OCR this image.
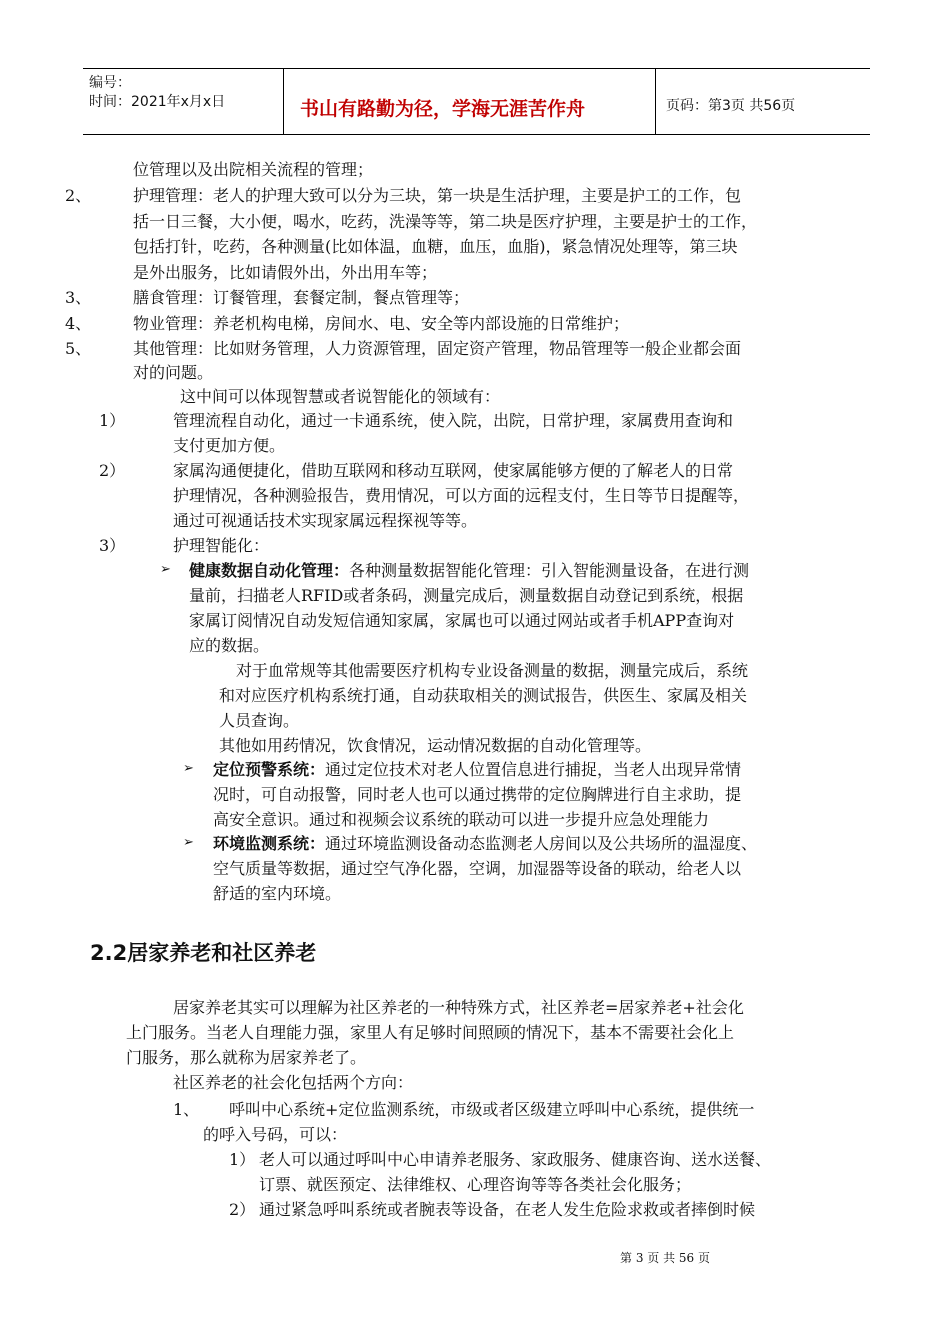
编号：
时间：2021年x月x日	书山有路勤为径，学海无涯苦作舟	页码：第3页 共56页
位管理以及出院相关流程的管理；
2、	护理管理：老人的护理大致可以分为三块，第一块是生活护理，主要是护工的工作，包
括一日三餐，大小便，喝水，吃药，洗澡等等，第二块是医疗护理，主要是护士的工作，
包括打针，吃药，各种测量(比如体温，血糖，血压，血脂)，紧急情况处理等，第三块
是外出服务，比如请假外出，外出用车等；
3、	膳食管理：订餐管理，套餐定制，餐点管理等；
4、	物业管理：养老机构电梯，房间水、电、安全等内部设施的日常维护；
5、	其他管理：比如财务管理，人力资源管理，固定资产管理，物品管理等一般企业都会面
对的问题。
这中间可以体现智慧或者说智能化的领域有：
1）	管理流程自动化，通过一卡通系统，使入院，出院，日常护理，家属费用查询和
支付更加方便。
2）	家属沟通便捷化，借助互联网和移动互联网，使家属能够方便的了解老人的日常
护理情况，各种测验报告，费用情况，可以方面的远程支付，生日等节日提醒等，
通过可视通话技术实现家属远程探视等等。
3）	护理智能化：
➢ 健康数据自动化管理：各种测量数据智能化管理：引入智能测量设备，在进行测
量前，扫描老人RFID或者条码，测量完成后，测量数据自动登记到系统，根据
家属订阅情况自动发短信通知家属，家属也可以通过网站或者手机APP查询对
应的数据。
对于血常规等其他需要医疗机构专业设备测量的数据，测量完成后，系统
和对应医疗机构系统打通，自动获取相关的测试报告，供医生、家属及相关
人员查询。
其他如用药情况，饮食情况，运动情况数据的自动化管理等。
➢ 定位预警系统：通过定位技术对老人位置信息进行捕捉，当老人出现异常情
况时，可自动报警，同时老人也可以通过携带的定位胸牌进行自主求助，提
高安全意识。通过和视频会议系统的联动可以进一步提升应急处理能力
➢ 环境监测系统：通过环境监测设备动态监测老人房间以及公共场所的温湿度、
空气质量等数据，通过空气净化器，空调，加湿器等设备的联动，给老人以
舒适的室内环境。
2.2居家养老和社区养老
居家养老其实可以理解为社区养老的一种特殊方式，社区养老=居家养老+社会化
上门服务。当老人自理能力强，家里人有足够时间照顾的情况下，基本不需要社会化上
门服务，那么就称为居家养老了。
社区养老的社会化包括两个方向：
1、 呼叫中心系统+定位监测系统，市级或者区级建立呼叫中心系统，提供统一
的呼入号码，可以：
1） 老人可以通过呼叫中心申请养老服务、家政服务、健康咨询、送水送餐、
订票、就医预定、法律维权、心理咨询等等各类社会化服务；
2） 通过紧急呼叫系统或者腕表等设备，在老人发生危险求救或者摔倒时候
第 3 页 共 56 页
